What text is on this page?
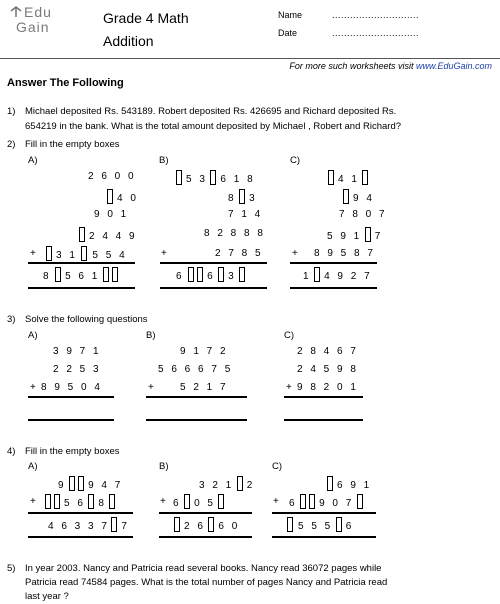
Edu
Gain
Grade 4 Math
Addition
Name	.............................
Date	.............................
For more such worksheets visit www.EduGain.com
Answer The Following
1) Michael deposited Rs. 543189. Robert deposited Rs. 426695 and Richard deposited Rs.
654219 in the bank. What is the total amount deposited by Michael , Robert and Richard?
2) Fill in the empty boxes
A)
2 6 0 0
4 0
9 0 1
2 4 4 9
+	3 1 5 5 4
8 5 6 1
B)
5 3 6 1 8
8 3
7 1 4
8 2 8 8 8
+	2 7 8 5
6 6 3
C)
4 1
9 4
7 8 0 7
5 9 1 7
+ 8 9 5 8 7
1 4 9 2 7
3) Solve the following questions
A)
3 9 7 1
2 2 5 3
+ 8 9 5 0 4
B)
9 1 7 2
5 6 6 6 7 5
+	5 2 1 7
C)
2 8 4 6 7
2 4 5 9 8
+ 9 8 2 0 1
4) Fill in the empty boxes
A)
9 9 4 7
+	5 6 8
4 6 3 3 7 7
B)
3 2 1 2
+ 6 0 5
2 6 6 0
C)
6 9 1
+ 6 9 0 7
5 5 5 6
5) In year 2003. Nancy and Patricia read several books. Nancy read 36072 pages while
Patricia read 74584 pages. What is the total number of pages Nancy and Patricia read
last year ?
